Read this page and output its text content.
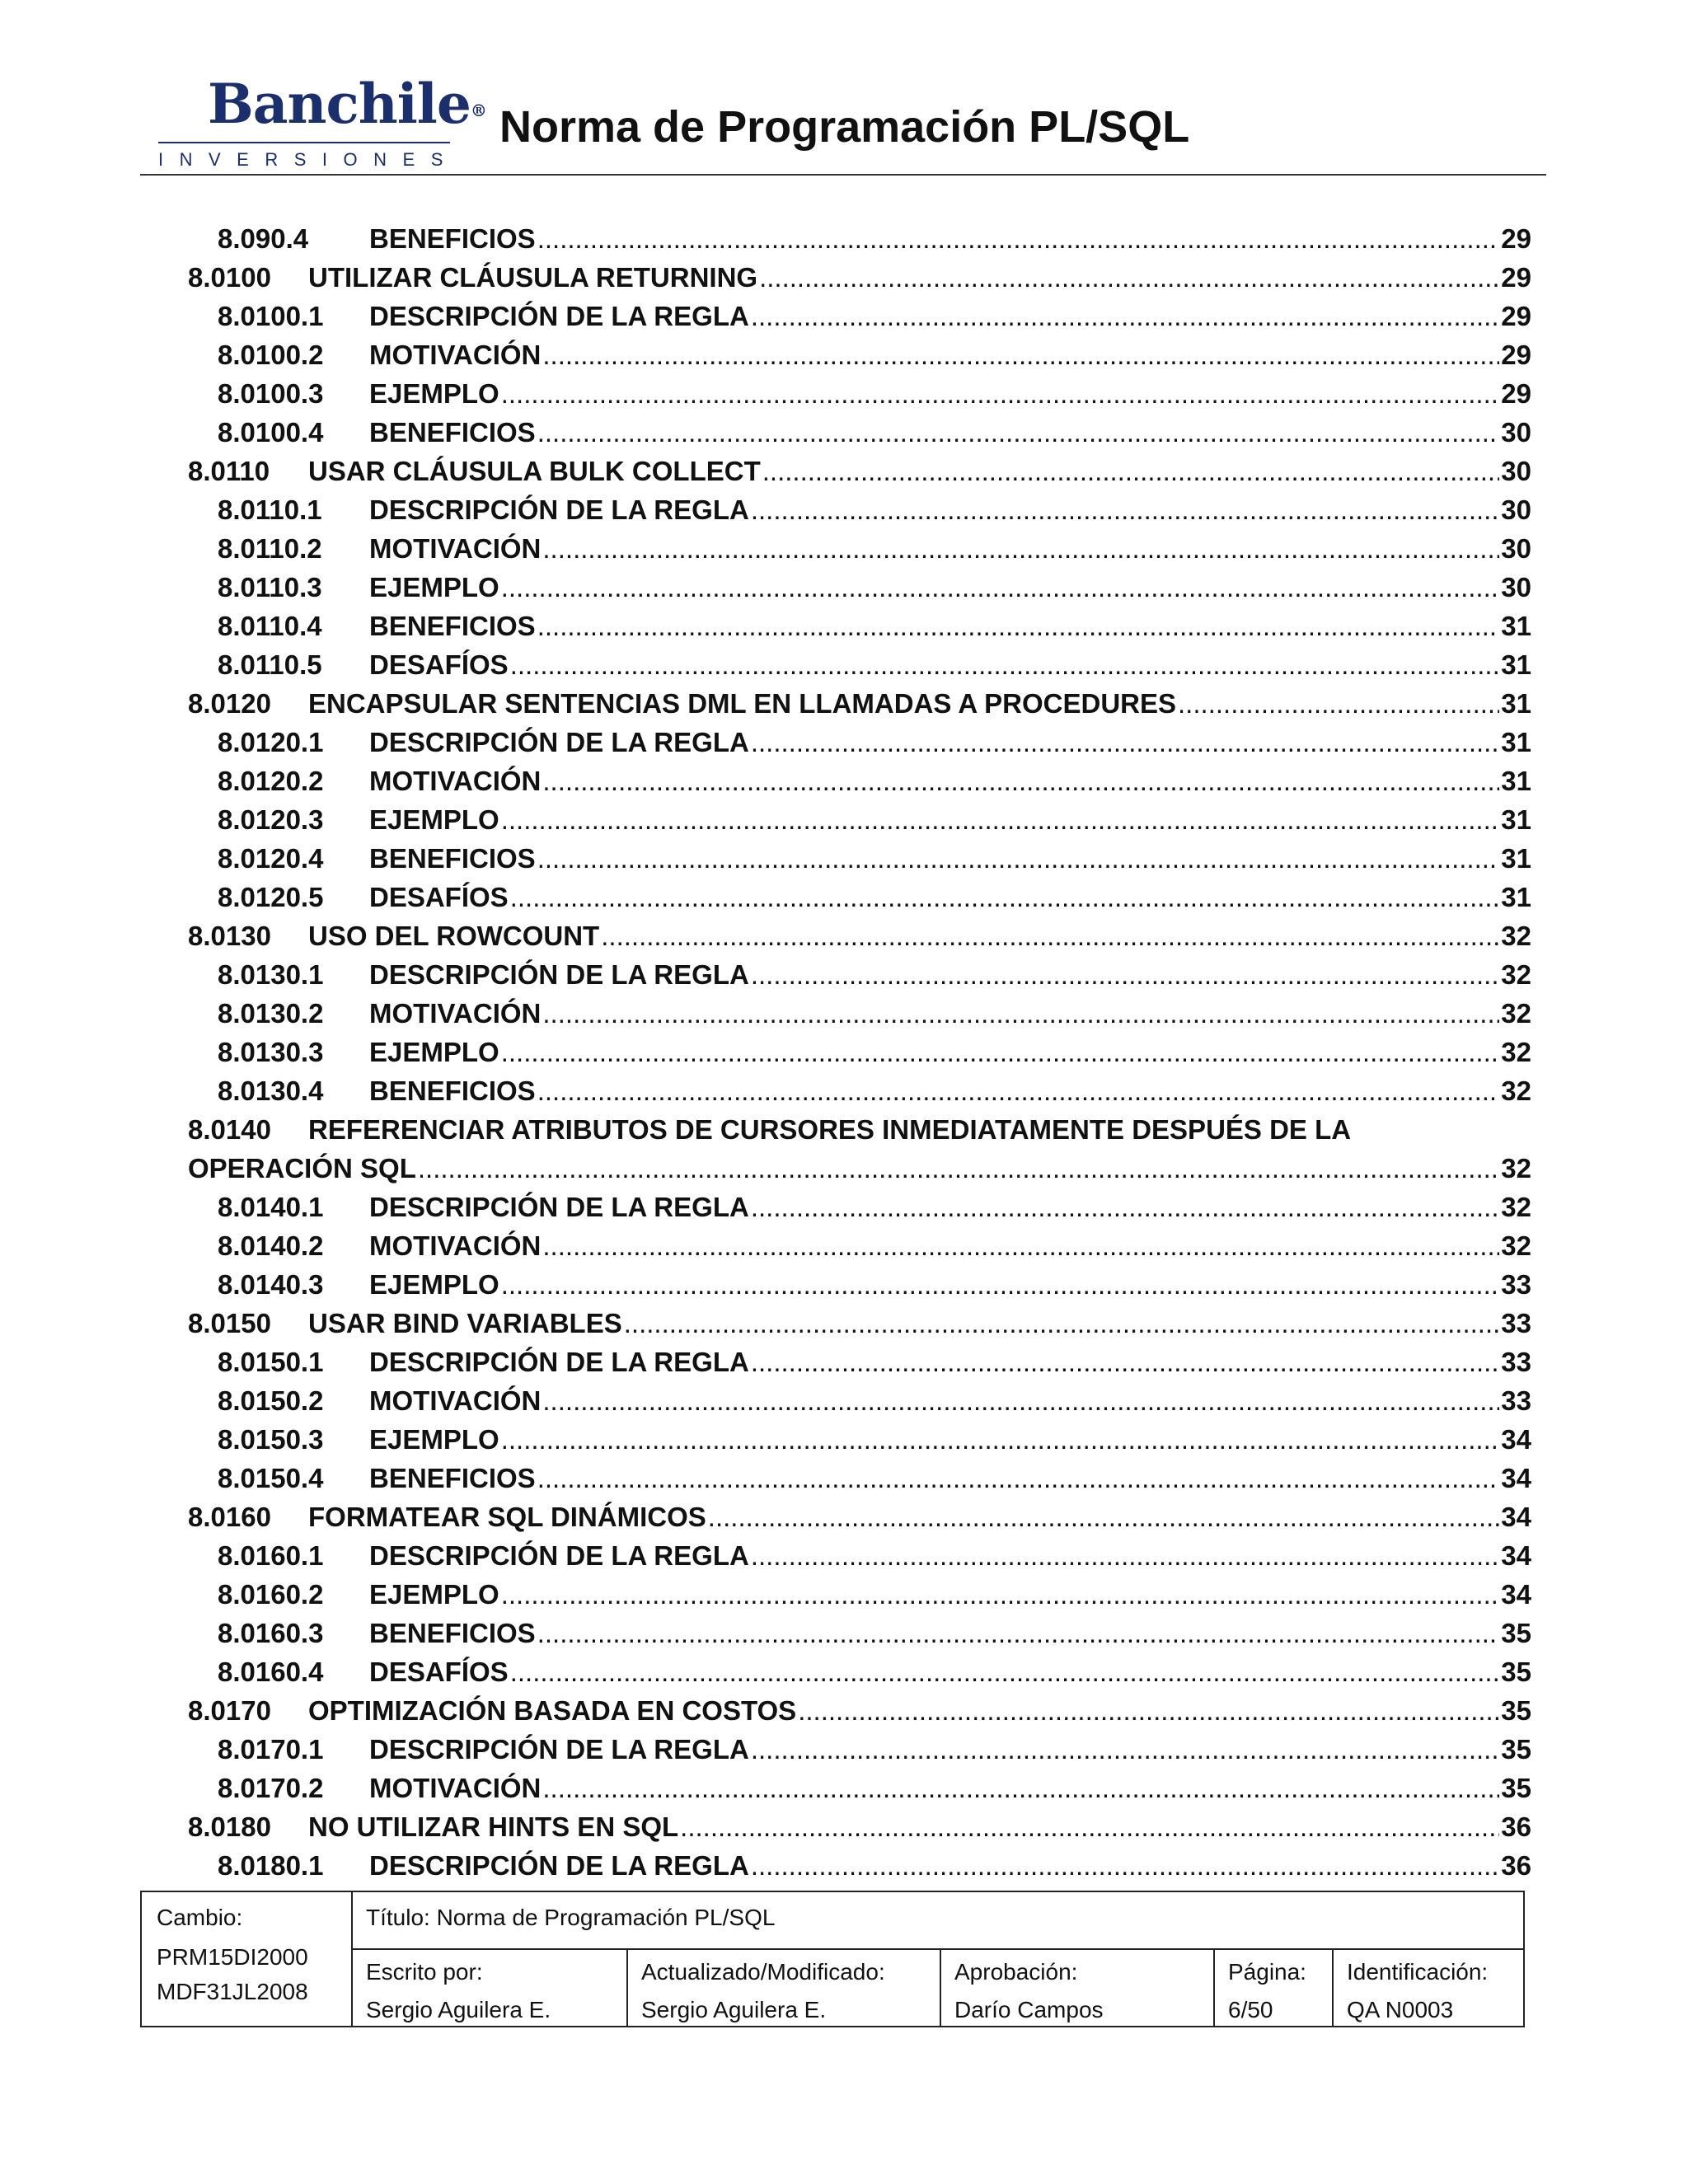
Banchile®
INVERSIONES
Norma de Programación PL/SQL
8.090.4 BENEFICIOS .....	29
8.0100 UTILIZAR CLÁUSULA RETURNING .....	29
8.0100.1 DESCRIPCIÓN DE LA REGLA .....	29
8.0100.2 MOTIVACIÓN .....	29
8.0100.3 EJEMPLO .....	29
8.0100.4 BENEFICIOS .....	30
8.0110 USAR CLÁUSULA BULK COLLECT .....	30
8.0110.1 DESCRIPCIÓN DE LA REGLA .....	30
8.0110.2 MOTIVACIÓN .....	30
8.0110.3 EJEMPLO .....	30
8.0110.4 BENEFICIOS .....	31
8.0110.5 DESAFÍOS .....	31
8.0120 ENCAPSULAR SENTENCIAS DML EN LLAMADAS A PROCEDURES .....	31
8.0120.1 DESCRIPCIÓN DE LA REGLA .....	31
8.0120.2 MOTIVACIÓN .....	31
8.0120.3 EJEMPLO .....	31
8.0120.4 BENEFICIOS .....	31
8.0120.5 DESAFÍOS .....	31
8.0130 USO DEL ROWCOUNT .....	32
8.0130.1 DESCRIPCIÓN DE LA REGLA .....	32
8.0130.2 MOTIVACIÓN .....	32
8.0130.3 EJEMPLO .....	32
8.0130.4 BENEFICIOS .....	32
8.0140 REFERENCIAR ATRIBUTOS DE CURSORES INMEDIATAMENTE DESPUÉS DE LA
OPERACIÓN SQL .....	32
8.0140.1 DESCRIPCIÓN DE LA REGLA .....	32
8.0140.2 MOTIVACIÓN .....	32
8.0140.3 EJEMPLO .....	33
8.0150 USAR BIND VARIABLES .....	33
8.0150.1 DESCRIPCIÓN DE LA REGLA .....	33
8.0150.2 MOTIVACIÓN .....	33
8.0150.3 EJEMPLO .....	34
8.0150.4 BENEFICIOS .....	34
8.0160 FORMATEAR SQL DINÁMICOS .....	34
8.0160.1 DESCRIPCIÓN DE LA REGLA .....	34
8.0160.2 EJEMPLO .....	34
8.0160.3 BENEFICIOS .....	35
8.0160.4 DESAFÍOS .....	35
8.0170 OPTIMIZACIÓN BASADA EN COSTOS .....	35
8.0170.1 DESCRIPCIÓN DE LA REGLA .....	35
8.0170.2 MOTIVACIÓN .....	35
8.0180 NO UTILIZAR HINTS EN SQL .....	36
8.0180.1 DESCRIPCIÓN DE LA REGLA .....	36
Cambio:
PRM15DI2000
MDF31JL2008
Título: Norma de Programación PL/SQL
Escrito por:
Sergio Aguilera E.
Actualizado/Modificado:
Sergio Aguilera E.
Aprobación:
Darío Campos
Página:
6/50
Identificación:
QA N0003
